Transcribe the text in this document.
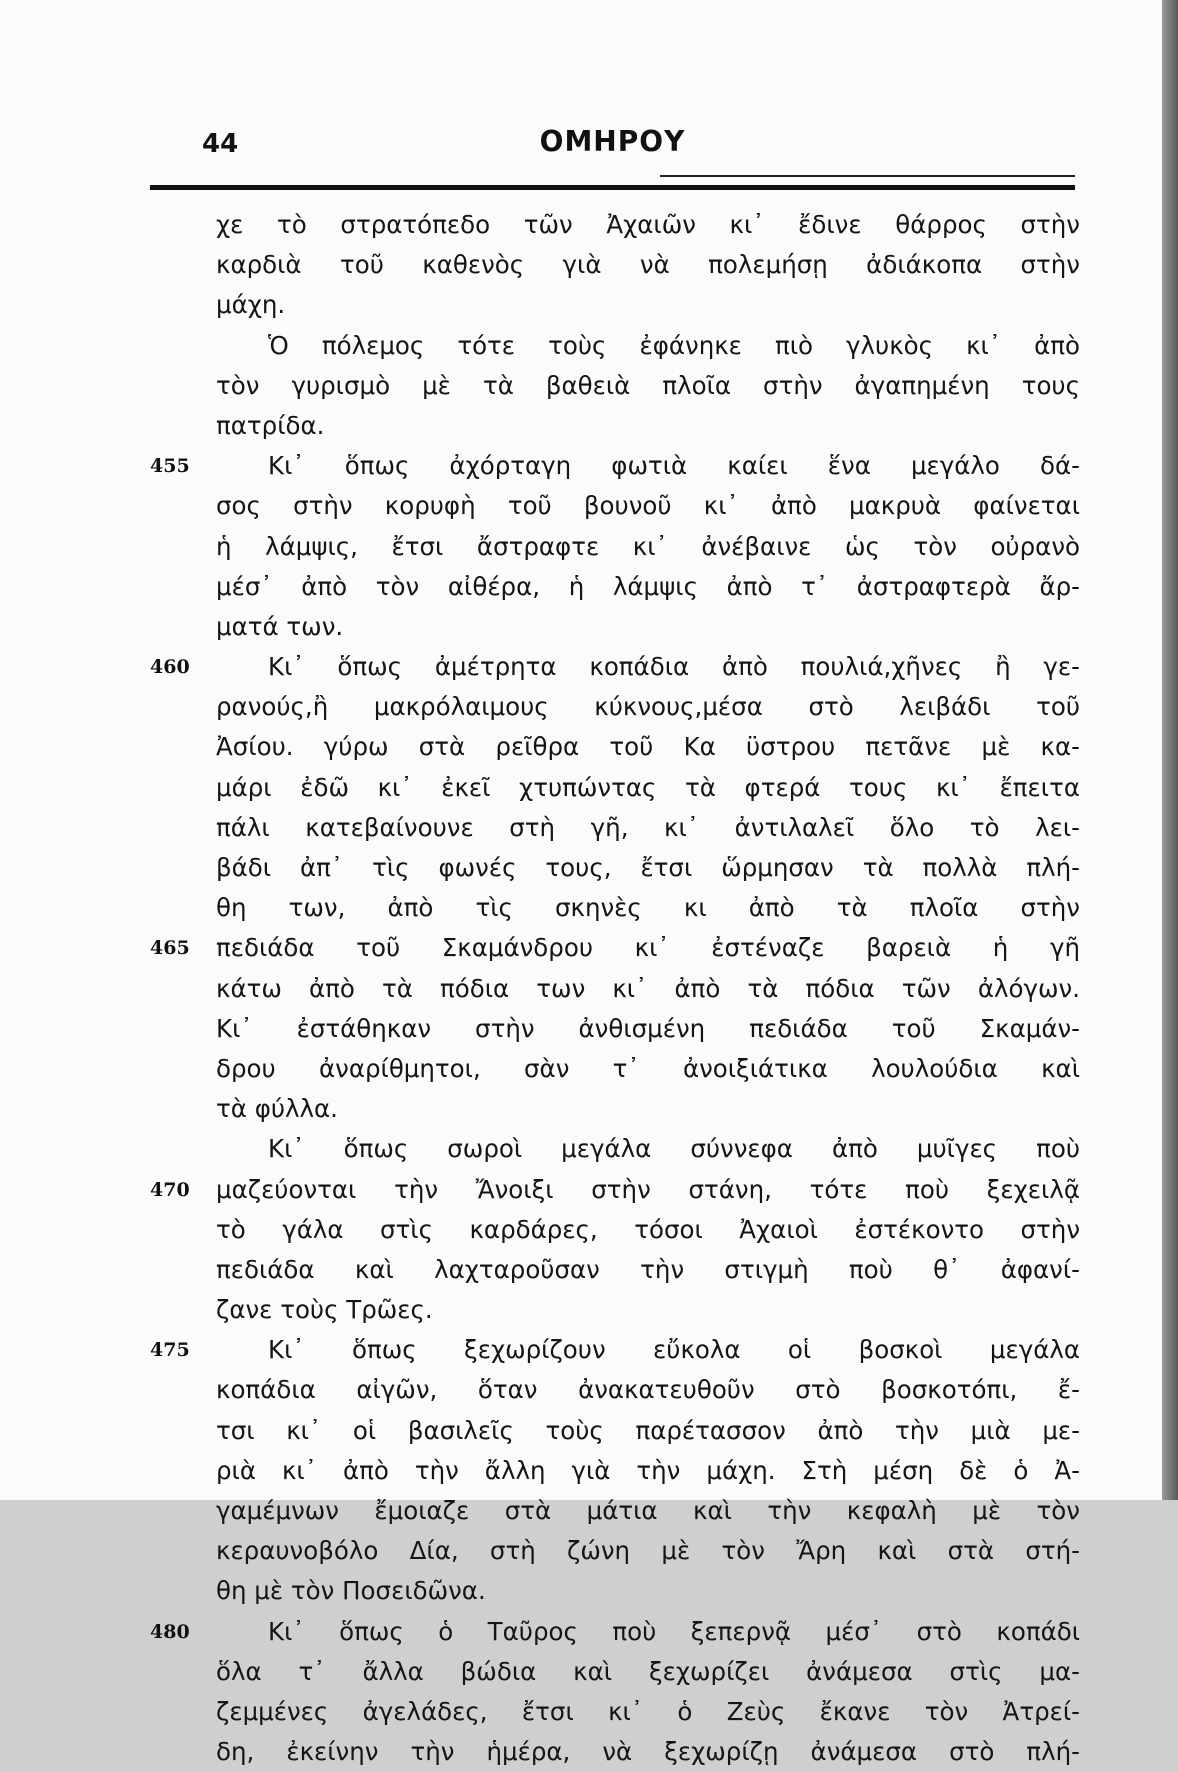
44	ΟΜΗΡΟΥ
χε τὸ στρατόπεδο τῶν Ἀχαιῶν κι᾿ ἔδινε θάρρος στὴν
καρδιὰ τοῦ καθενὸς γιὰ νὰ πολεμήσῃ ἀδιάκοπα στὴν
μάχη.
Ὁ πόλεμος τότε τοὺς ἐφάνηκε πιὸ γλυκὸς κι᾿ ἀπὸ
τὸν γυρισμὸ μὲ τὰ βαθειὰ πλοῖα στὴν ἀγαπημένη τους
πατρίδα.
455	Κι᾿ ὅπως ἀχόρταγη φωτιὰ καίει ἕνα μεγάλο δά-
σος στὴν κορυφὴ τοῦ βουνοῦ κι᾿ ἀπὸ μακρυὰ φαίνεται
ἡ λάμψις, ἔτσι ἄστραφτε κι᾿ ἀνέβαινε ὡς τὸν οὐρανὸ
μέσ᾿ ἀπὸ τὸν αἰθέρα, ἡ λάμψις ἀπὸ τ᾿ ἀστραφτερὰ ἄρ-
ματά των.
460	Κι᾿ ὅπως ἀμέτρητα κοπάδια ἀπὸ πουλιά,χῆνες ἢ γε-
ρανούς,ἢ μακρόλαιμους κύκνους,μέσα στὸ λειβάδι τοῦ
Ἀσίου. γύρω στὰ ρεῖθρα τοῦ Κα ϋστρου πετᾶνε μὲ κα-
μάρι ἐδῶ κι᾿ ἐκεῖ χτυπώντας τὰ φτερά τους κι᾿ ἔπειτα
πάλι κατεβαίνουνε στὴ γῆ, κι᾿ ἀντιλαλεῖ ὅλο τὸ λει-
βάδι ἀπ᾿ τὶς φωνές τους, ἔτσι ὥρμησαν τὰ πολλὰ πλή-
θη των, ἀπὸ τὶς σκηνὲς κι ἀπὸ τὰ πλοῖα στὴν
465 πεδιάδα τοῦ Σκαμάνδρου κι᾿ ἐστέναζε βαρειὰ ἡ γῆ
κάτω ἀπὸ τὰ πόδια των κι᾿ ἀπὸ τὰ πόδια τῶν ἀλόγων.
Κι᾿ ἐστάθηκαν στὴν ἀνθισμένη πεδιάδα τοῦ Σκαμάν-
δρου ἀναρίθμητοι, σὰν τ᾿ ἀνοιξιάτικα λουλούδια καὶ
τὰ φύλλα.
Κι᾿ ὅπως σωροὶ μεγάλα σύννεφα ἀπὸ μυῖγες ποὺ
470 μαζεύονται τὴν Ἄνοιξι στὴν στάνη, τότε ποὺ ξεχειλᾷ
τὸ γάλα στὶς καρδάρες, τόσοι Ἀχαιοὶ ἐστέκοντο στὴν
πεδιάδα καὶ λαχταροῦσαν τὴν στιγμὴ ποὺ θ᾿ ἀφανί-
ζανε τοὺς Τρῶες.
475	Κι᾿ ὅπως ξεχωρίζουν εὔκολα οἱ βοσκοὶ μεγάλα
κοπάδια αἰγῶν, ὅταν ἀνακατευθοῦν στὸ βοσκοτόπι, ἔ-
τσι κι᾿ οἱ βασιλεῖς τοὺς παρέτασσον ἀπὸ τὴν μιὰ με-
ριὰ κι᾿ ἀπὸ τὴν ἄλλη γιὰ τὴν μάχη. Στὴ μέση δὲ ὁ Ἀ-
γαμέμνων ἔμοιαζε στὰ μάτια καὶ τὴν κεφαλὴ μὲ τὸν
κεραυνοβόλο Δία, στὴ ζώνη μὲ τὸν Ἄρη καὶ στὰ στή-
θη μὲ τὸν Ποσειδῶνα.
480	Κι᾿ ὅπως ὁ Ταῦρος ποὺ ξεπερνᾷ μέσ᾿ στὸ κοπάδι
ὅλα τ᾿ ἄλλα βώδια καὶ ξεχωρίζει ἀνάμεσα στὶς μα-
ζεμμένες ἀγελάδες, ἔτσι κι᾿ ὁ Ζεὺς ἔκανε τὸν Ἀτρεί-
δη, ἐκείνην τὴν ἡμέρα, νὰ ξεχωρίζῃ ἀνάμεσα στὸ πλή-
